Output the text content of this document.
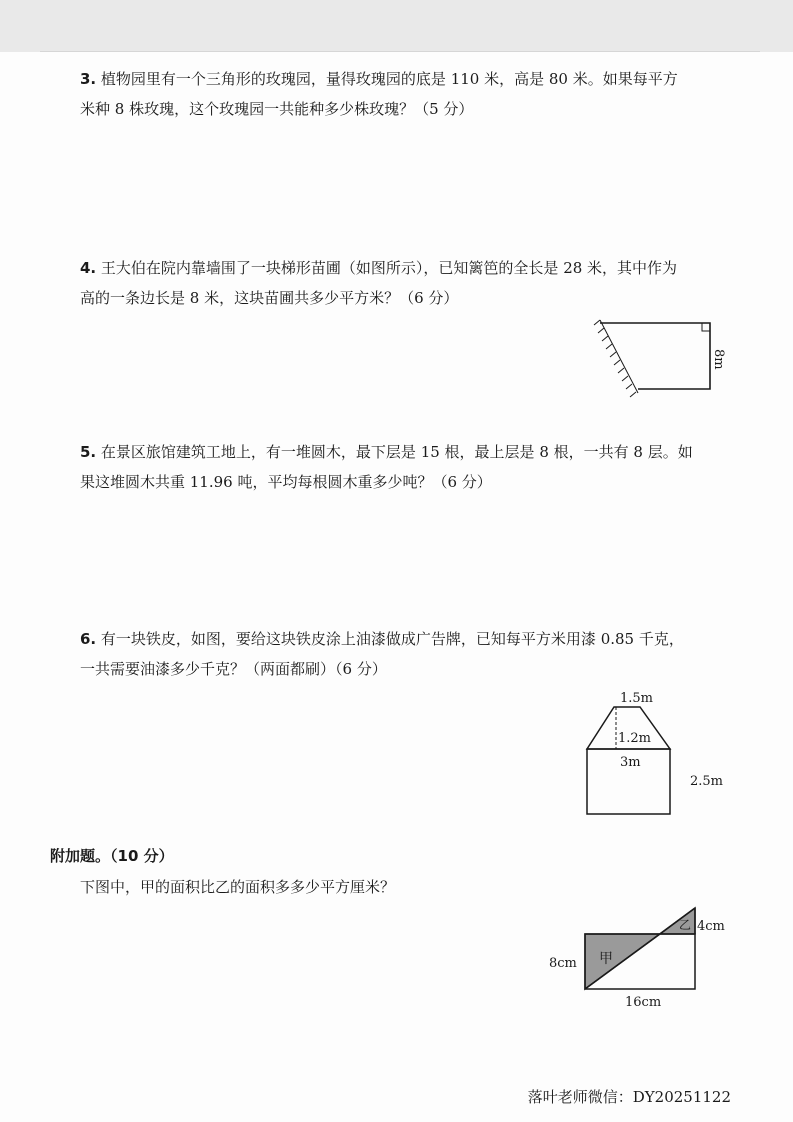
3. 植物园里有一个三角形的玫瑰园，量得玫瑰园的底是 110 米，高是 80 米。如果每平方

米种 8 株玫瑰，这个玫瑰园一共能种多少株玫瑰？（5 分）

4. 王大伯在院内靠墙围了一块梯形苗圃（如图所示），已知篱笆的全长是 28 米，其中作为

高的一条边长是 8 米，这块苗圃共多少平方米？（6 分）

8m

5. 在景区旅馆建筑工地上，有一堆圆木，最下层是 15 根，最上层是 8 根，一共有 8 层。如

果这堆圆木共重 11.96 吨，平均每根圆木重多少吨？（6 分）

6. 有一块铁皮，如图，要给这块铁皮涂上油漆做成广告牌，已知每平方米用漆 0.85 千克，

一共需要油漆多少千克？（两面都刷）（6 分）

1.5m
1.2m
3m
2.5m
附加题。（10 分）
下图中，甲的面积比乙的面积多多少平方厘米？
甲
乙
8cm
4cm
16cm
落叶老师微信：DY20251122
